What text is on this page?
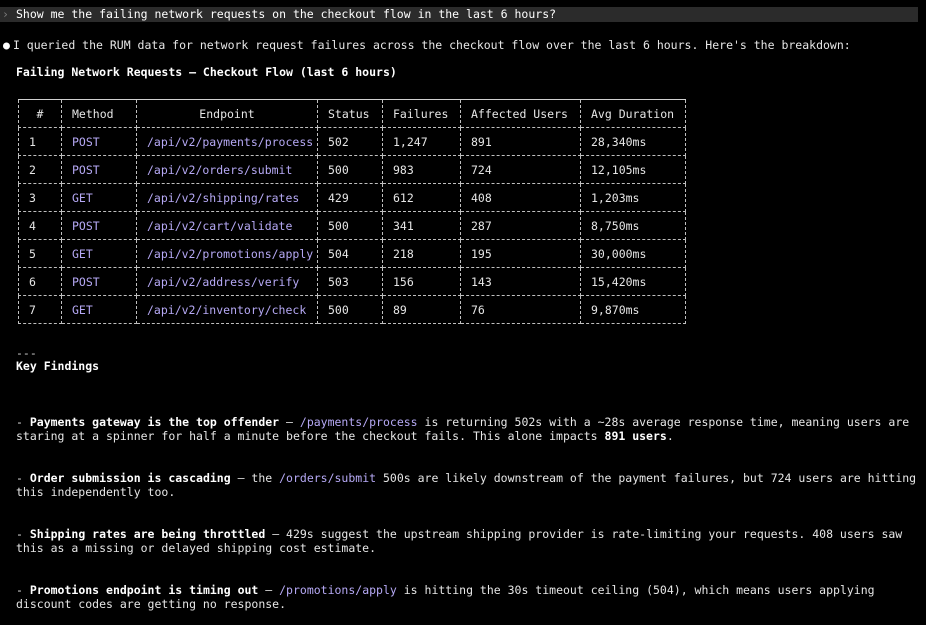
› Show me the failing network requests on the checkout flow in the last 6 hours?
● I queried the RUM data for network request failures across the checkout flow over the last 6 hours. Here's the breakdown:
Failing Network Requests — Checkout Flow (last 6 hours)
#	Method	Endpoint	Status	Failures	Affected Users	Avg Duration
1	POST	/api/v2/payments/process	502	1,247	891	28,340ms
2	POST	/api/v2/orders/submit	500	983	724	12,105ms
3	GET	/api/v2/shipping/rates	429	612	408	1,203ms
4	POST	/api/v2/cart/validate	500	341	287	8,750ms
5	GET	/api/v2/promotions/apply	504	218	195	30,000ms
6	POST	/api/v2/address/verify	503	156	143	15,420ms
7	GET	/api/v2/inventory/check	500	89	76	9,870ms
---
Key Findings

- Payments gateway is the top offender — /payments/process is returning 502s with a ~28s average response time, meaning users are staring at a spinner for half a minute before the checkout fails. This alone impacts 891 users.

- Order submission is cascading — the /orders/submit 500s are likely downstream of the payment failures, but 724 users are hitting this independently too.

- Shipping rates are being throttled — 429s suggest the upstream shipping provider is rate-limiting your requests. 408 users saw this as a missing or delayed shipping cost estimate.

- Promotions endpoint is timing out — /promotions/apply is hitting the 30s timeout ceiling (504), which means users applying discount codes are getting no response.
